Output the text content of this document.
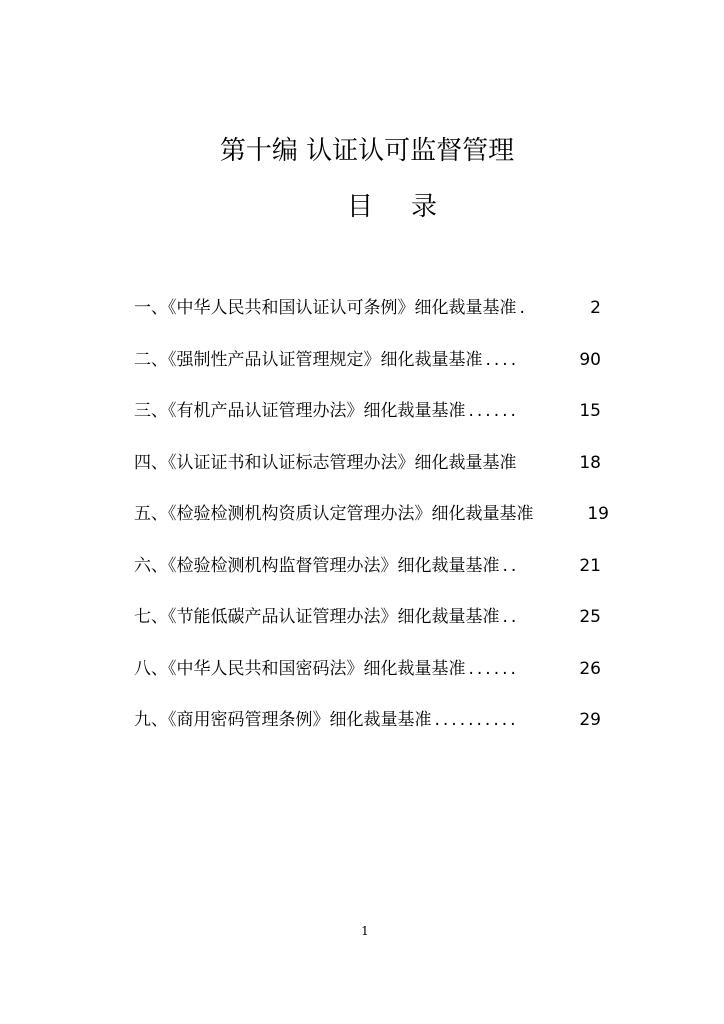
第十编 认证认可监督管理
目 录
一、《中华人民共和国认证认可条例》细化裁量基准 .	2
二、《强制性产品认证管理规定》细化裁量基准 ....	90
三、《有机产品认证管理办法》细化裁量基准 ......	15
四、《认证证书和认证标志管理办法》细化裁量基准	18
五、《检验检测机构资质认定管理办法》细化裁量基准	19
六、《检验检测机构监督管理办法》细化裁量基准 ..	21
七、《节能低碳产品认证管理办法》细化裁量基准 ..	25
八、《中华人民共和国密码法》细化裁量基准 ......	26
九、《商用密码管理条例》细化裁量基准 ..........	29
1
